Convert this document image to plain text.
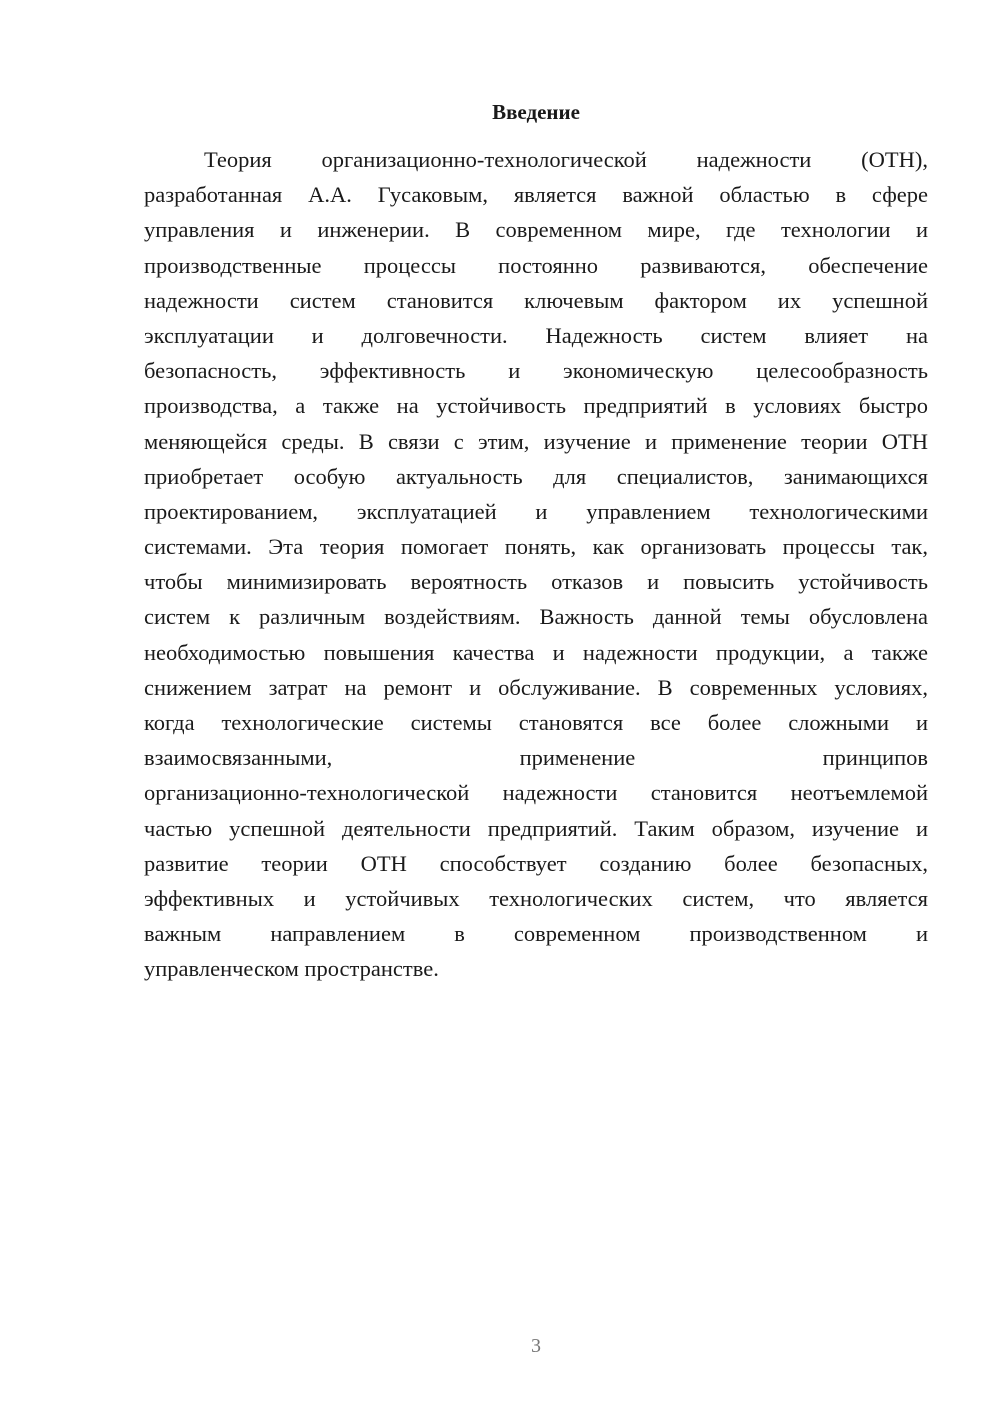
Введение
Теория организационно-технологической надежности (ОТН),
разработанная А.А. Гусаковым, является важной областью в сфере
управления и инженерии. В современном мире, где технологии и
производственные процессы постоянно развиваются, обеспечение
надежности систем становится ключевым фактором их успешной
эксплуатации и долговечности. Надежность систем влияет на
безопасность, эффективность и экономическую целесообразность
производства, а также на устойчивость предприятий в условиях быстро
меняющейся среды. В связи с этим, изучение и применение теории ОТН
приобретает особую актуальность для специалистов, занимающихся
проектированием, эксплуатацией и управлением технологическими
системами. Эта теория помогает понять, как организовать процессы так,
чтобы минимизировать вероятность отказов и повысить устойчивость
систем к различным воздействиям. Важность данной темы обусловлена
необходимостью повышения качества и надежности продукции, а также
снижением затрат на ремонт и обслуживание. В современных условиях,
когда технологические системы становятся все более сложными и
взаимосвязанными, применение принципов
организационно-технологической надежности становится неотъемлемой
частью успешной деятельности предприятий. Таким образом, изучение и
развитие теории ОТН способствует созданию более безопасных,
эффективных и устойчивых технологических систем, что является
важным направлением в современном производственном и
управленческом пространстве.
3
